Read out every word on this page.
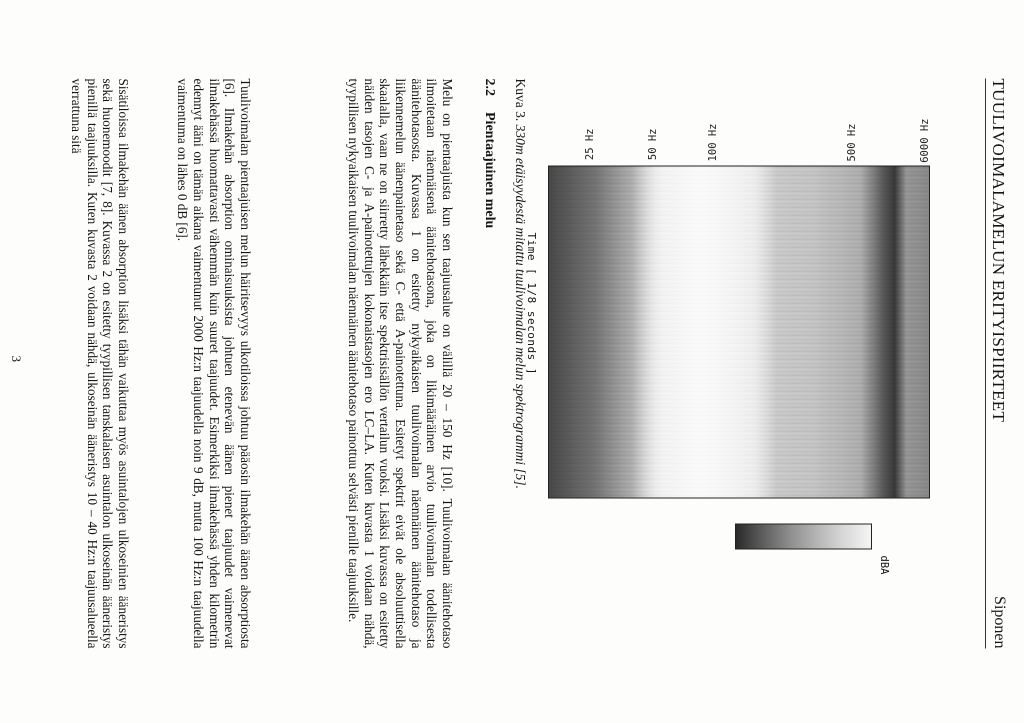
TUULIVOIMALAMELUN ERITYISPIIRTEET
Siponen
6000 Hz
500 Hz
100 Hz
50 Hz
25 Hz
Time [ 1/8 seconds ]
dBA
Kuva 3. 330m etäisyydestä mitattu tuulivoimalan melun spektrogrammi [5].
2.2 Pientaajuinen melu

Melu on pientaajuista kun sen taajuusalue on välillä 20 – 150 Hz [10]. Tuulivoimalan äänitehotaso ilmoitetaan näennäisenä äänitehotasona, joka on likimääräinen arvio tuulivoimalan todellisesta äänitehotasosta. Kuvassa 1 on esitetty nykyaikaisen tuulivoimalan näennäinen äänitehotaso ja liikennemelun äänenpainetaso sekä C- että A-painotettuna. Esitetyt spektrit eivät ole absoluuttisella skaalalla, vaan ne on siirretty lähekkäin itse spektrisisällön vertailun vuoksi. Lisäksi kuvassa on esitetty näiden tasojen C- ja A-painotettujen kokonaistasojen ero LC–LA. Kuten kuvasta 1 voidaan nähdä, tyypillisen nykyaikaisen tuulivoimalan näennäinen äänitehotaso painottuu selvästi pienille taajuuksille.

Tuulivoimalan pientaajuisen melun häiritsevyys ulkotiloissa johtuu pääosin ilmakehän äänen absorptiosta [6]. Ilmakehän absorption ominaisuuksista johtuen etenevän äänen pienet taajuudet vaimenevat ilmakehässä huomattavasti vähemmän kuin suuret taajuudet. Esimerkiksi ilmakehässä yhden kilometrin edennyt ääni on tämän aikana vaimentunut 2000 Hz:n taajuudella noin 9 dB, mutta 100 Hz:n taajuudella vaimentuma on lähes 0 dB [6].

Sisätiloissa ilmakehän äänen absorption lisäksi tähän vaikuttaa myös asuintalojen ulkoseinien ääneristys sekä huonemoodit [7, 8]. Kuvassa 2 on esitetty tyypillisen tanskalaisen asuintalon ulkoseinän ääneristys pienillä taajuuksilla. Kuten kuvasta 2 voidaan nähdä, ulkoseinän ääneristys 10 – 40 Hz:n taajuusalueella verrattuna sitä

3
